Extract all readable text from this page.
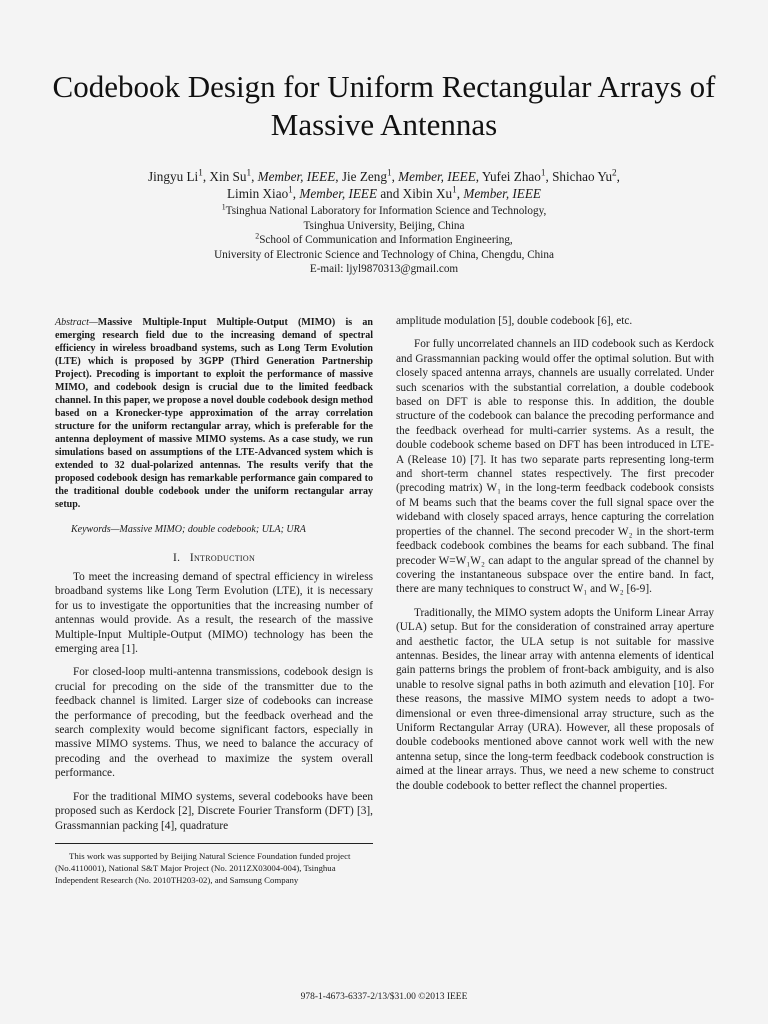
Codebook Design for Uniform Rectangular Arrays of Massive Antennas
Jingyu Li$^1$, Xin Su$^1$, Member, IEEE, Jie Zeng$^1$, Member, IEEE, Yufei Zhao$^1$, Shichao Yu$^2$,
Limin Xiao$^1$, Member, IEEE and Xibin Xu$^1$, Member, IEEE
$^1$Tsinghua National Laboratory for Information Science and Technology,
Tsinghua University, Beijing, China
$^2$School of Communication and Information Engineering,
University of Electronic Science and Technology of China, Chengdu, China
E-mail: ljyl9870313@gmail.com

Abstract—Massive Multiple-Input Multiple-Output (MIMO) is an emerging research field due to the increasing demand of spectral efficiency in wireless broadband systems, such as Long Term Evolution (LTE) which is proposed by 3GPP (Third Generation Partnership Project). Precoding is important to exploit the performance of massive MIMO, and codebook design is crucial due to the limited feedback channel. In this paper, we propose a novel double codebook design method based on a Kronecker-type approximation of the array correlation structure for the uniform rectangular array, which is preferable for the antenna deployment of massive MIMO systems. As a case study, we run simulations based on assumptions of the LTE-Advanced system which is extended to 32 dual-polarized antennas. The results verify that the proposed codebook design has remarkable performance gain compared to the traditional double codebook under the uniform rectangular array setup.

Keywords—Massive MIMO; double codebook; ULA; URA

I. Introduction

To meet the increasing demand of spectral efficiency in wireless broadband systems like Long Term Evolution (LTE), it is necessary for us to investigate the opportunities that the increasing number of antennas would provide. As a result, the research of the massive Multiple-Input Multiple-Output (MIMO) technology has been the emerging area [1].

For closed-loop multi-antenna transmissions, codebook design is crucial for precoding on the side of the transmitter due to the feedback channel is limited. Larger size of codebooks can increase the performance of precoding, but the feedback overhead and the search complexity would become significant factors, especially in massive MIMO systems. Thus, we need to balance the accuracy of precoding and the overhead to maximize the system overall performance.

For the traditional MIMO systems, several codebooks have been proposed such as Kerdock [2], Discrete Fourier Transform (DFT) [3], Grassmannian packing [4], quadrature

This work was supported by Beijing Natural Science Foundation funded project (No.4110001), National S&T Major Project (No. 2011ZX03004-004), Tsinghua Independent Research (No. 2010TH203-02), and Samsung Company

amplitude modulation [5], double codebook [6], etc.

For fully uncorrelated channels an IID codebook such as Kerdock and Grassmannian packing would offer the optimal solution. But with closely spaced antenna arrays, channels are usually correlated. Under such scenarios with the substantial correlation, a double codebook based on DFT is able to response this. In addition, the double structure of the codebook can balance the precoding performance and the feedback overhead for multi-carrier systems. As a result, the double codebook scheme based on DFT has been introduced in LTE-A (Release 10) [7]. It has two separate parts representing long-term and short-term channel states respectively. The first precoder (precoding matrix) W₁ in the long-term feedback codebook consists of M beams such that the beams cover the full signal space over the wideband with closely spaced arrays, hence capturing the correlation properties of the channel. The second precoder W₂ in the short-term feedback codebook combines the beams for each subband. The final precoder W=W₁W₂ can adapt to the angular spread of the channel by covering the instantaneous subspace over the entire band. In fact, there are many techniques to construct W₁ and W₂ [6-9].

Traditionally, the MIMO system adopts the Uniform Linear Array (ULA) setup. But for the consideration of constrained array aperture and aesthetic factor, the ULA setup is not suitable for massive antennas. Besides, the linear array with antenna elements of identical gain patterns brings the problem of front-back ambiguity, and is also unable to resolve signal paths in both azimuth and elevation [10]. For these reasons, the massive MIMO system needs to adopt a two-dimensional or even three-dimensional array structure, such as the Uniform Rectangular Array (URA). However, all these proposals of double codebooks mentioned above cannot work well with the new antenna setup, since the long-term feedback codebook construction is aimed at the linear arrays. Thus, we need a new scheme to construct the double codebook to better reflect the channel properties.

978-1-4673-6337-2/13/$31.00 ©2013 IEEE
